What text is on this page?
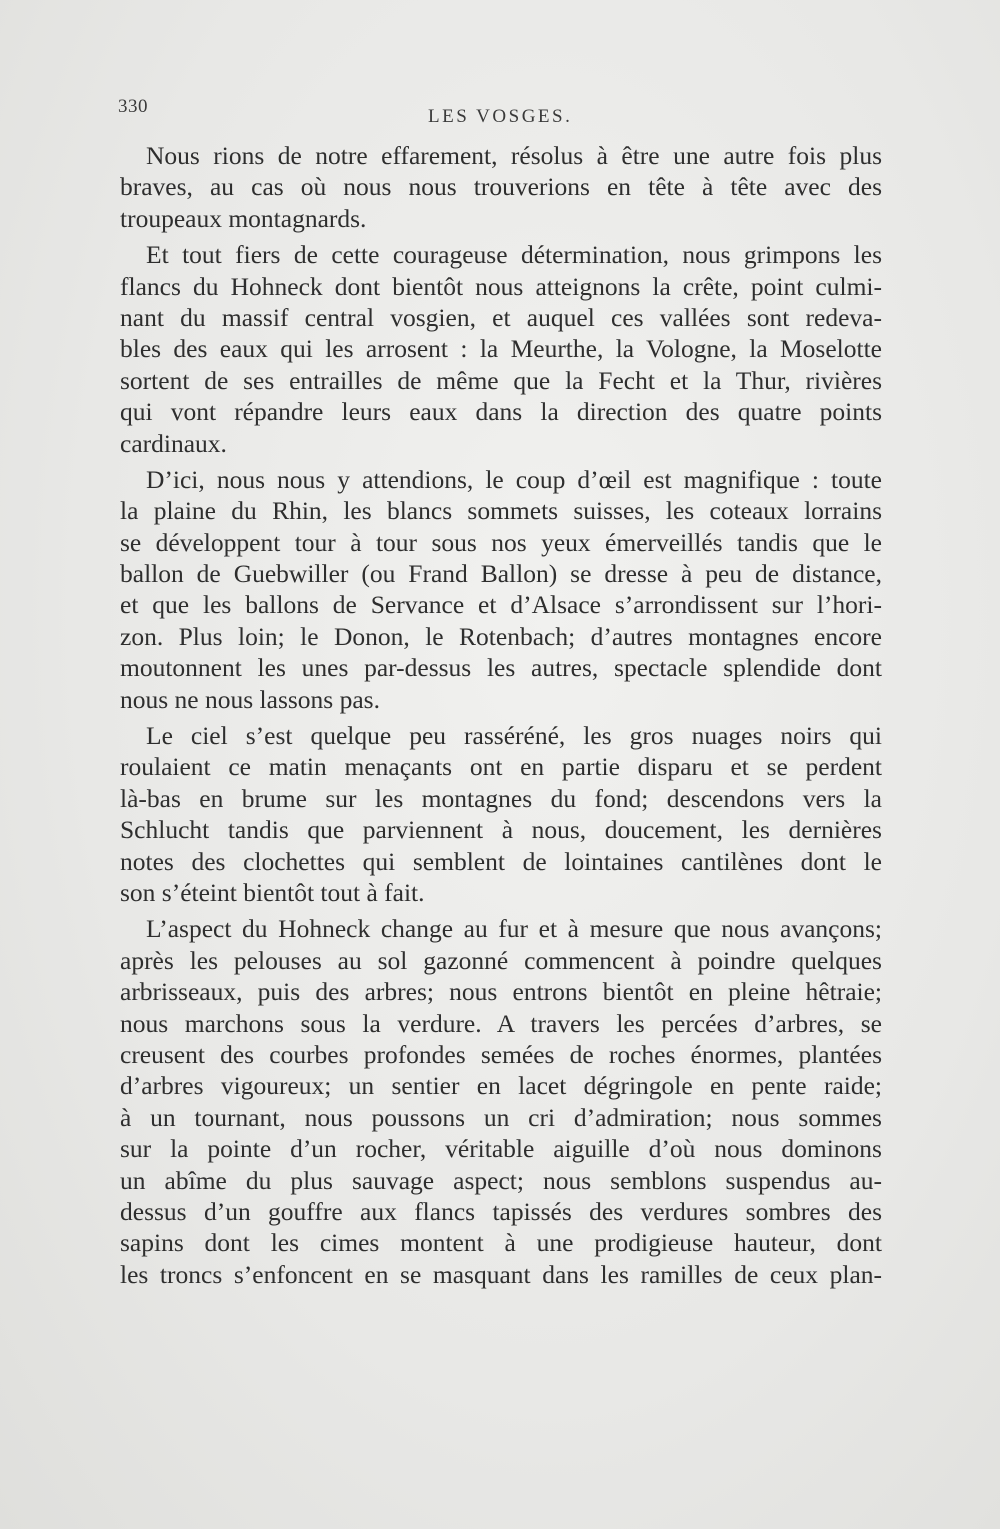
330	LES VOSGES.
Nous rions de notre effarement, résolus à être une autre fois plus
braves, au cas où nous nous trouverions en tête à tête avec des
troupeaux montagnards.
Et tout fiers de cette courageuse détermination, nous grimpons les
flancs du Hohneck dont bientôt nous atteignons la crête, point culmi-
nant du massif central vosgien, et auquel ces vallées sont redeva-
bles des eaux qui les arrosent : la Meurthe, la Vologne, la Moselotte
sortent de ses entrailles de même que la Fecht et la Thur, rivières
qui vont répandre leurs eaux dans la direction des quatre points
cardinaux.
D’ici, nous nous y attendions, le coup d’œil est magnifique : toute
la plaine du Rhin, les blancs sommets suisses, les coteaux lorrains
se développent tour à tour sous nos yeux émerveillés tandis que le
ballon de Guebwiller (ou Frand Ballon) se dresse à peu de distance,
et que les ballons de Servance et d’Alsace s’arrondissent sur l’hori-
zon. Plus loin; le Donon, le Rotenbach; d’autres montagnes encore
moutonnent les unes par-dessus les autres, spectacle splendide dont
nous ne nous lassons pas.
Le ciel s’est quelque peu rasséréné, les gros nuages noirs qui
roulaient ce matin menaçants ont en partie disparu et se perdent
là-bas en brume sur les montagnes du fond; descendons vers la
Schlucht tandis que parviennent à nous, doucement, les dernières
notes des clochettes qui semblent de lointaines cantilènes dont le
son s’éteint bientôt tout à fait.
L’aspect du Hohneck change au fur et à mesure que nous avançons;
après les pelouses au sol gazonné commencent à poindre quelques
arbrisseaux, puis des arbres; nous entrons bientôt en pleine hêtraie;
nous marchons sous la verdure. A travers les percées d’arbres, se
creusent des courbes profondes semées de roches énormes, plantées
d’arbres vigoureux; un sentier en lacet dégringole en pente raide;
à un tournant, nous poussons un cri d’admiration; nous sommes
sur la pointe d’un rocher, véritable aiguille d’où nous dominons
un abîme du plus sauvage aspect; nous semblons suspendus au-
dessus d’un gouffre aux flancs tapissés des verdures sombres des
sapins dont les cimes montent à une prodigieuse hauteur, dont
les troncs s’enfoncent en se masquant dans les ramilles de ceux plan-
